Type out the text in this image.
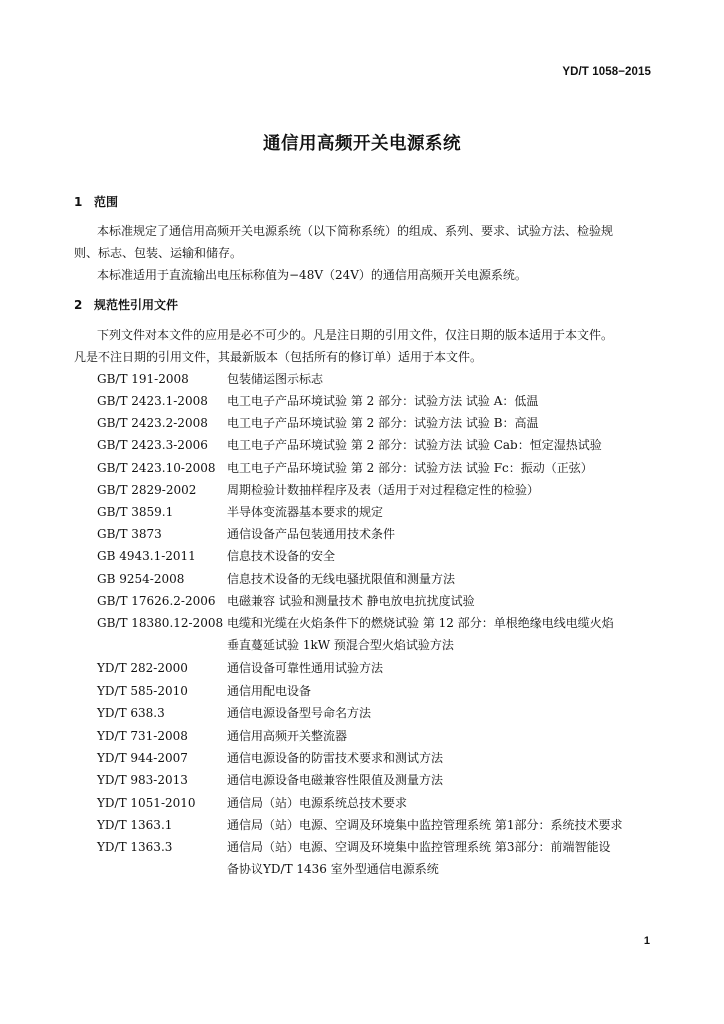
YD/T 1058−2015
通信用高频开关电源系统
1 范围
本标准规定了通信用高频开关电源系统（以下简称系统）的组成、系列、要求、试验方法、检验规
则、标志、包装、运输和储存。
本标准适用于直流输出电压标称值为−48V（24V）的通信用高频开关电源系统。
2 规范性引用文件
下列文件对本文件的应用是必不可少的。凡是注日期的引用文件，仅注日期的版本适用于本文件。
凡是不注日期的引用文件，其最新版本（包括所有的修订单）适用于本文件。
GB/T 191-2008	包装储运图示标志
GB/T 2423.1-2008 电工电子产品环境试验 第 2 部分：试验方法 试验 A：低温
GB/T 2423.2-2008 电工电子产品环境试验 第 2 部分：试验方法 试验 B：高温
GB/T 2423.3-2006 电工电子产品环境试验 第 2 部分：试验方法 试验 Cab：恒定湿热试验
GB/T 2423.10-2008 电工电子产品环境试验 第 2 部分：试验方法 试验 Fc：振动（正弦）
GB/T 2829-2002	周期检验计数抽样程序及表（适用于对过程稳定性的检验）
GB/T 3859.1	半导体变流器基本要求的规定
GB/T 3873	通信设备产品包装通用技术条件
GB 4943.1-2011	信息技术设备的安全
GB 9254-2008	信息技术设备的无线电骚扰限值和测量方法
GB/T 17626.2-2006 电磁兼容 试验和测量技术 静电放电抗扰度试验
GB/T 18380.12-2008 电缆和光缆在火焰条件下的燃烧试验 第 12 部分：单根绝缘电线电缆火焰
垂直蔓延试验 1kW 预混合型火焰试验方法
YD/T 282-2000	通信设备可靠性通用试验方法
YD/T 585-2010	通信用配电设备
YD/T 638.3	通信电源设备型号命名方法
YD/T 731-2008	通信用高频开关整流器
YD/T 944-2007	通信电源设备的防雷技术要求和测试方法
YD/T 983-2013	通信电源设备电磁兼容性限值及测量方法
YD/T 1051-2010	通信局（站）电源系统总技术要求
YD/T 1363.1	通信局（站）电源、空调及环境集中监控管理系统 第1部分：系统技术要求
YD/T 1363.3	通信局（站）电源、空调及环境集中监控管理系统 第3部分：前端智能设
备协议YD/T 1436 室外型通信电源系统
1
